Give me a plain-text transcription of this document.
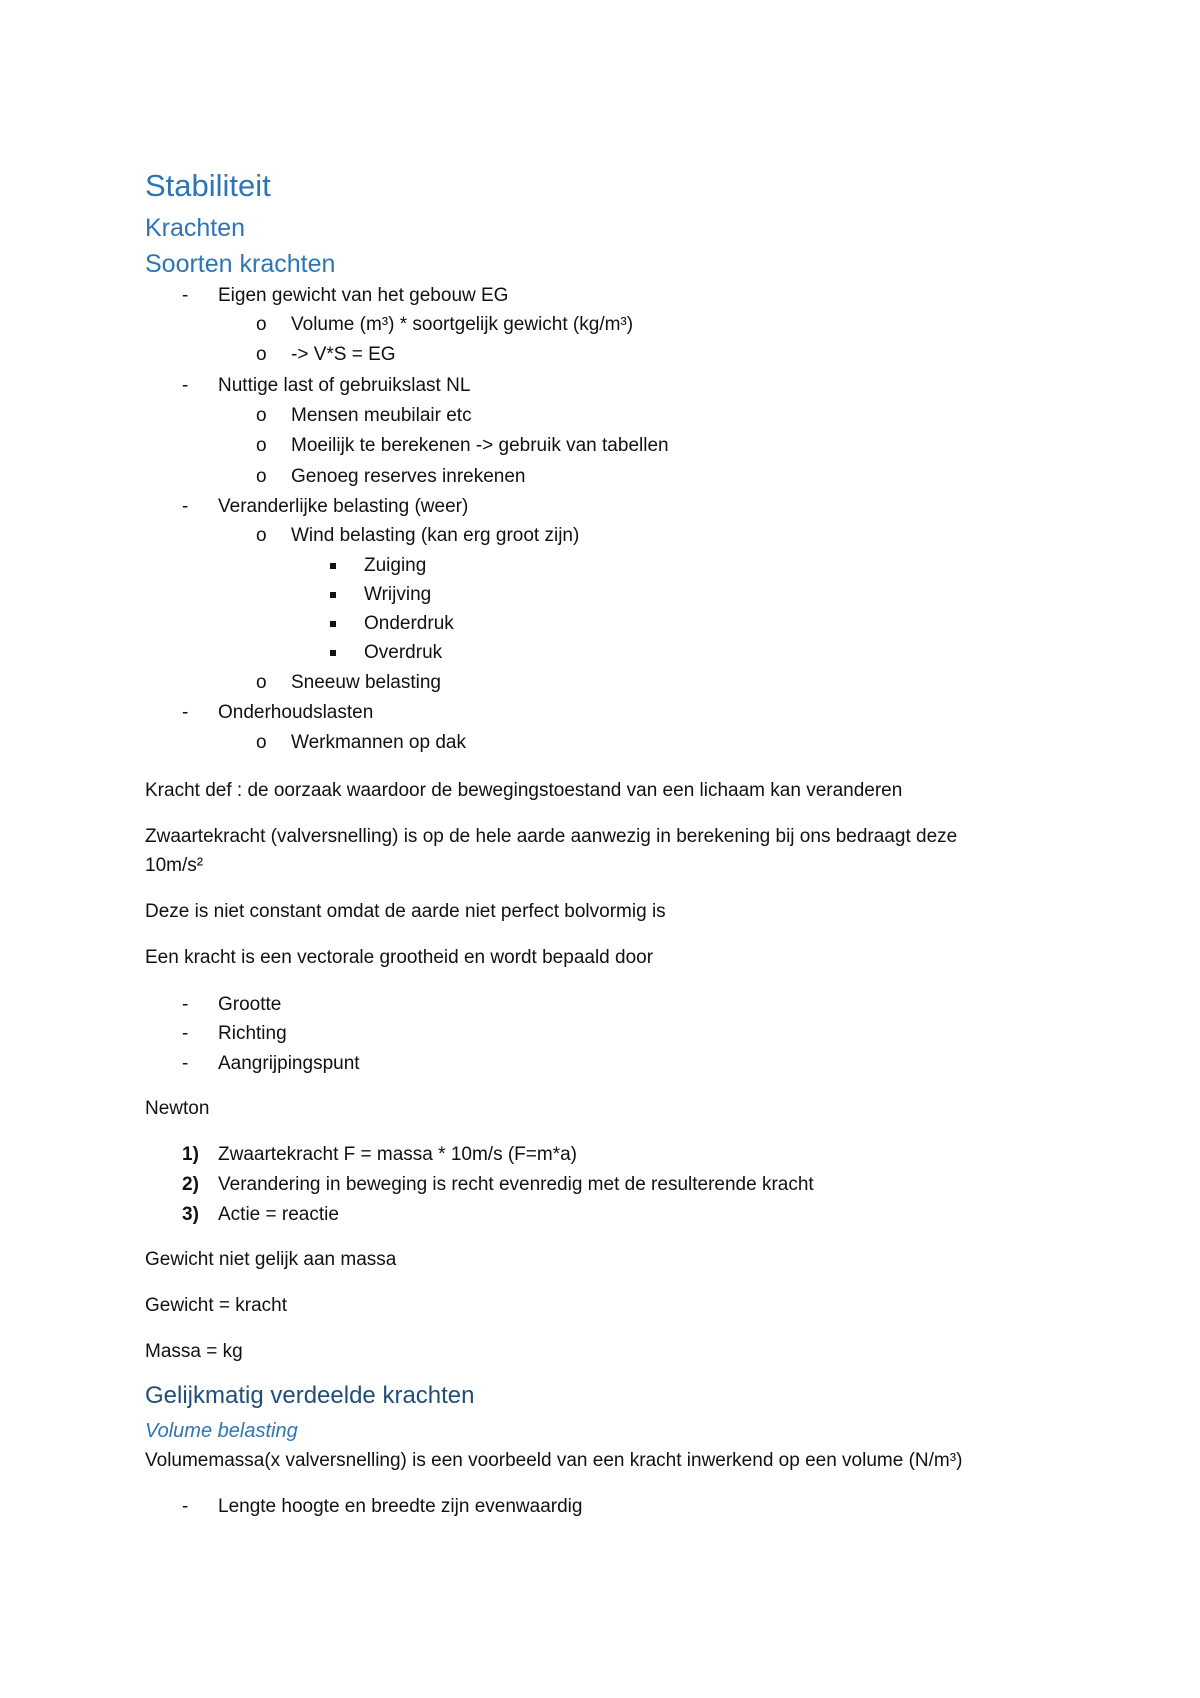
Stabiliteit
Krachten
Soorten krachten
- Eigen gewicht van het gebouw EG
o Volume (m³) * soortgelijk gewicht (kg/m³)
o -> V*S = EG
- Nuttige last of gebruikslast NL
o Mensen meubilair etc
o Moeilijk te berekenen -> gebruik van tabellen
o Genoeg reserves inrekenen
- Veranderlijke belasting (weer)
o Wind belasting (kan erg groot zijn)
Zuiging
Wrijving
Onderdruk
Overdruk
o Sneeuw belasting
- Onderhoudslasten
o Werkmannen op dak
Kracht def : de oorzaak waardoor de bewegingstoestand van een lichaam kan veranderen
Zwaartekracht (valversnelling) is op de hele aarde aanwezig in berekening bij ons bedraagt deze
10m/s²
Deze is niet constant omdat de aarde niet perfect bolvormig is
Een kracht is een vectorale grootheid en wordt bepaald door
- Grootte
- Richting
- Aangrijpingspunt
Newton
1) Zwaartekracht F = massa * 10m/s (F=m*a)
2) Verandering in beweging is recht evenredig met de resulterende kracht
3) Actie = reactie
Gewicht niet gelijk aan massa
Gewicht = kracht
Massa = kg
Gelijkmatig verdeelde krachten
Volume belasting
Volumemassa(x valversnelling) is een voorbeeld van een kracht inwerkend op een volume (N/m³)
- Lengte hoogte en breedte zijn evenwaardig
